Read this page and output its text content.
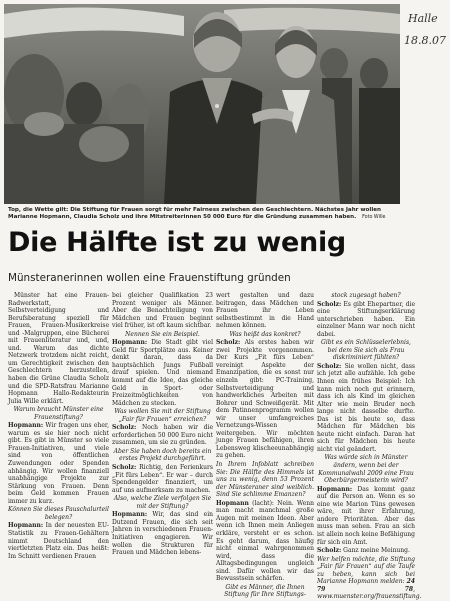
Halle
18.8.07
Top, die Wette gilt: Die Stiftung für Frauen sorgt für mehr Fairness zwischen den Geschlechtern. Nächstes Jahr wollen Marianne Hopmann, Claudia Scholz und ihre Mitstreiterinnen 50 000 Euro für die Gründung zusammen haben. Foto Wille
Die Hälfte ist zu wenig
Münsteranerinnen wollen eine Frauenstiftung gründen

Münster hat eine Frauen-Radwerkstatt, Selbstverteidigung und Berufsberatung speziell für Frauen, Frauen-Musikerkreise und -Malgruppen, eine Bücherei mit Frauenliteratur und, und, und. Warum das dichte Netzwerk trotzdem nicht reicht, um Gerechtigkeit zwischen den Geschlechtern herzustellen, haben die Grüne Claudia Scholz und die SPD-Ratsfrau Marianne Hopmann Hallo-Redakteurin Julia Wille erklärt.

Warum braucht Münster eine Frauenstiftung?

Hopmann: Wir fragen uns eher, warum es sie hier noch nicht gibt. Es gibt in Münster so viele Frauen-Initiativen, und viele sind von öffentlichen Zuwendungen oder Spenden abhängig. Wir wollen finanziell unabhängige Projekte zur Stärkung von Frauen. Denn beim Geld kommen Frauen immer zu kurz.

Können Sie dieses Pauschalurteil belegen?

Hopmann: In der neuesten EU-Statistik zu Frauen-Gehältern nimmt Deutschland den viertletzten Platz ein. Das heißt: Im Schnitt verdienen Frauen

bei gleicher Qualifikation 23 Prozent weniger als Männer. Aber die Benachteiligung von Mädchen und Frauen beginnt viel früher, ist oft kaum sichtbar.

Nennen Sie ein Beispiel.

Hopmann: Die Stadt gibt viel Geld für Sportplätze aus. Keiner denkt daran, dass da hauptsächlich Jungs Fußball drauf spielen. Und niemand kommt auf die Idee, das gleiche Geld in Sport- oder Freizeitmöglichkeiten von Mädchen zu stecken.

Was wollen Sie mit der Stiftung „Fair für Frauen“ erreichen?

Scholz: Noch haben wir die erforderlichen 50 000 Euro nicht zusammen, um sie zu gründen.

Aber Sie haben doch bereits ein erstes Projekt durchgeführt.

Scholz: Richtig, den Ferienkurs „Fit fürs Leben“. Er war – durch Spendengelder finanziert, um auf uns aufmerksam zu machen.

Also, welche Ziele verfolgen Sie mit der Stiftung?

Hopmann: Wir, das sind ein Dutzend Frauen, die sich seit Jahren in verschiedenen Frauen-Initiativen engagieren. Wir wollen die Strukturen für Frauen und Mädchen lebens-

wert gestalten und dazu beitragen, dass Mädchen und Frauen ihr Leben selbstbestimmt in die Hand nehmen können.

Was heißt das konkret?

Scholz: Als erstes haben wir zwei Projekte vorgenommen. Der Kurs „Fit fürs Leben“ vereinigt Aspekte der Emanzipation, die es sonst nur einzeln gibt: PC-Training, Selbstverteidigung und handwerkliches Arbeiten mit Bohrer und Schweißgerät. Mit dem Patinnenprogramm wollen wir unser umfangreiches Vernetzungs-Wissen weitergeben. Wir möchten junge Frauen befähigen, ihren Lebensweg klischeeunabhängig zu gehen.

In Ihrem Infoblatt schreiben Sie: Die Hälfte des Himmels ist uns zu wenig, denn 53 Prozent der Münsteraner sind weiblich. Sind Sie schlimme Emanzen?

Hopmann (lacht): Nein. Wenn man macht manchmal große Augen mit meinen Ideen. Aber wenn ich Ihnen mein Anliegen erkläre, versteht er es schon. Es geht darum, dass häufig nicht einmal wahrgenommen wird, dass die Alltagsbedingungen ungleich sind. Dafür wollen wir das Bewusstsein schärfen.

Gibt es Männer, die Ihnen Stiftung für Ihre Stiftungs-

stock zugesagt haben?

Scholz: Es gibt Ehepartner, die eine Stiftungserklärung unterschrieben haben. Ein einzelner Mann war noch nicht dabei.

Gibt es ein Schlüsselerlebnis, bei dem Sie sich als Frau diskriminiert fühlten?

Scholz: Sie wollen nicht, dass ich jetzt alle aufzähle. Ich gebe Ihnen ein frühes Beispiel: Ich kann mich noch gut erinnern, dass ich als Kind im gleichen Alter wie mein Bruder noch lange nicht dasselbe durfte. Das ist bis heute so, dass Mädchen für Mädchen bis heute nicht einfach. Daran hat sich für Mädchen bis heute nicht viel geändert.

Was würde sich in Münster ändern, wenn bei der Kommunalwahl 2009 eine Frau Oberbürgermeisterin wird?

Hopmann: Das kommt ganz auf die Person an. Wenn es so eine wie Marion Tüns gewesen wäre, mit ihrer Erfahrung, andere Prioritäten. Aber das muss man sehen. Frau an sich ist allein noch keine Befähigung für sich ein Amt.

Scholz: Ganz meine Meinung.

Wer helfen möchte, die Stiftung „Fair für Frauen“ auf die Taufe zu heben, kann sich bei Marianne Hopmann melden: 24 79 78, www.muenster.org/frauenstiftung.
